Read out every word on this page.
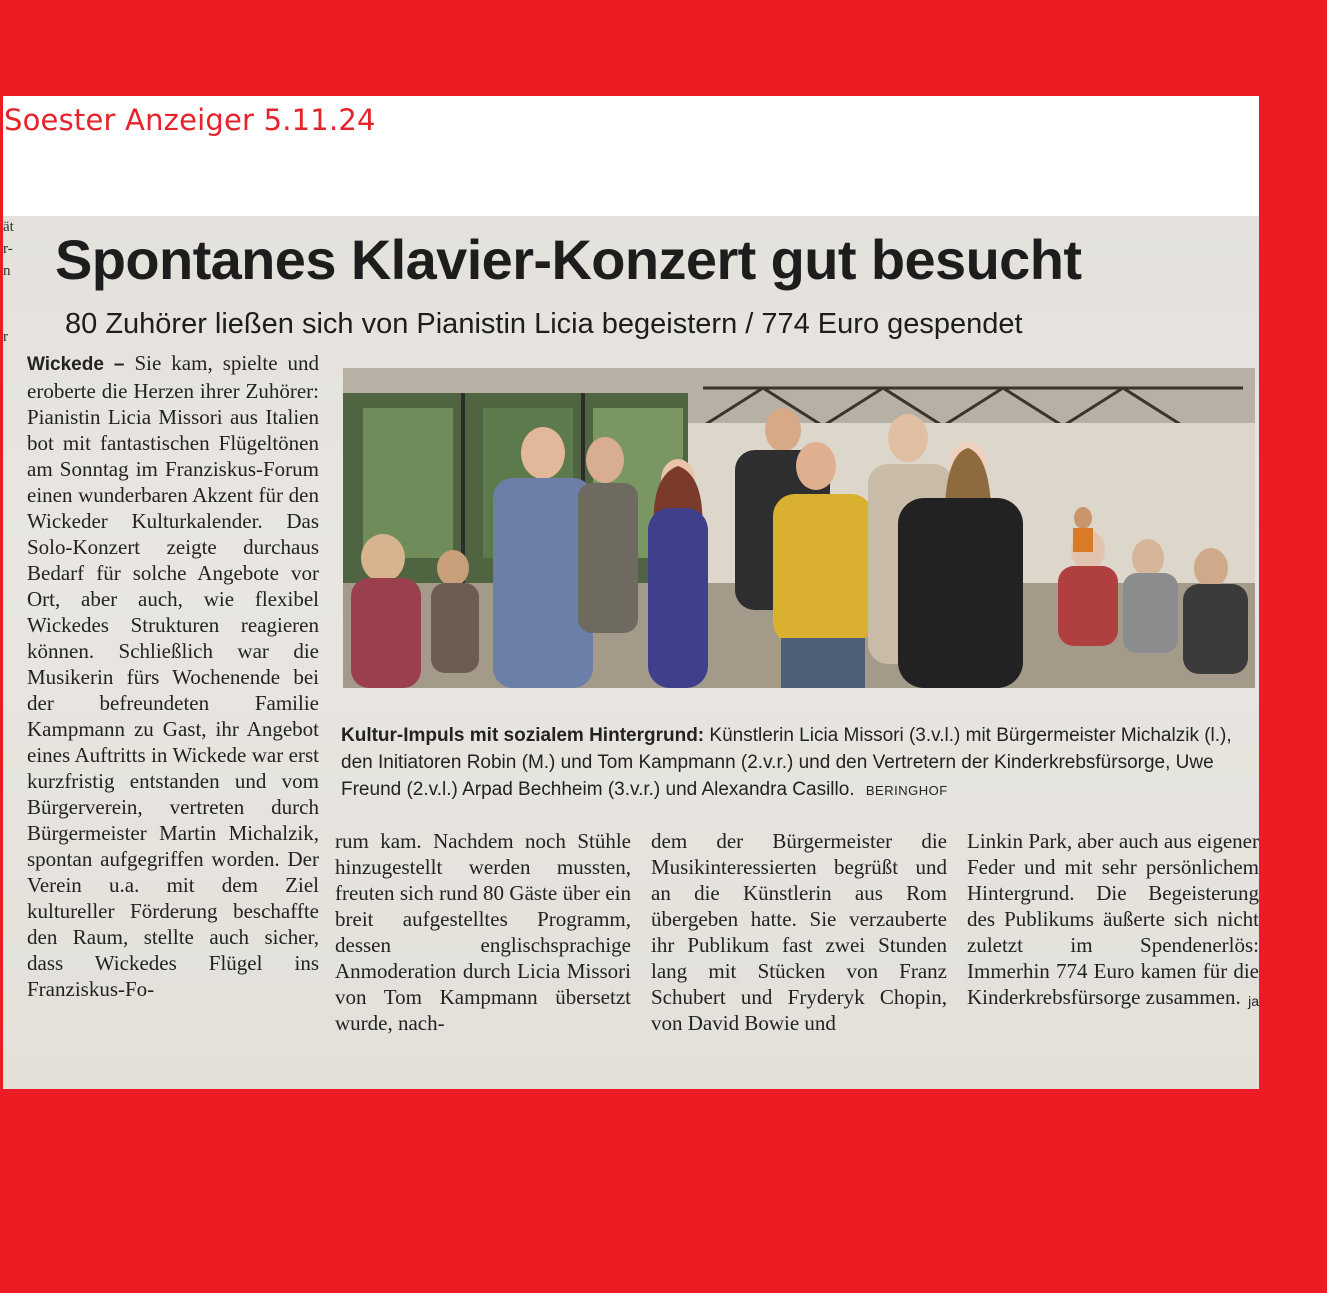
Soester Anzeiger 5.11.24
ät
r-
n

r
Spontanes Klavier-Konzert gut besucht
80 Zuhörer ließen sich von Pianistin Licia begeistern / 774 Euro gespendet

Wickede – Sie kam, spielte und eroberte die Herzen ihrer Zuhörer: Pianistin Licia Missori aus Italien bot mit fantastischen Flügeltönen am Sonntag im Franziskus-Forum einen wunderbaren Akzent für den Wickeder Kulturkalender. Das Solo-Konzert zeigte durchaus Bedarf für solche Angebote vor Ort, aber auch, wie flexibel Wickedes Strukturen reagieren können. Schließlich war die Musikerin fürs Wochenende bei der befreundeten Familie Kampmann zu Gast, ihr Angebot eines Auftritts in Wickede war erst kurzfristig entstanden und vom Bürgerverein, vertreten durch Bürgermeister Martin Michalzik, spontan aufgegriffen worden. Der Verein u.a. mit dem Ziel kultureller Förderung beschaffte den Raum, stellte auch sicher, dass Wickedes Flügel ins Franziskus-Fo-

Kultur-Impuls mit sozialem Hintergrund: Künstlerin Licia Missori (3.v.l.) mit Bürgermeister Michalzik (l.), den Initiatoren Robin (M.) und Tom Kampmann (2.v.r.) und den Vertretern der Kinderkrebsfürsorge, Uwe Freund (2.v.l.) Arpad Bechheim (3.v.r.) und Alexandra Casillo. BERINGHOF

rum kam. Nachdem noch Stühle hinzugestellt werden mussten, freuten sich rund 80 Gäste über ein breit aufgestelltes Programm, dessen englischsprachige Anmoderation durch Licia Missori von Tom Kampmann übersetzt wurde, nach-

dem der Bürgermeister die Musikinteressierten begrüßt und an die Künstlerin aus Rom übergeben hatte. Sie verzauberte ihr Publikum fast zwei Stunden lang mit Stücken von Franz Schubert und Fryderyk Chopin, von David Bowie und

Linkin Park, aber auch aus eigener Feder und mit sehr persönlichem Hintergrund. Die Begeisterung des Publikums äußerte sich nicht zuletzt im Spendenerlös: Immerhin 774 Euro kamen für die Kinderkrebsfürsorge zusammen. ja
